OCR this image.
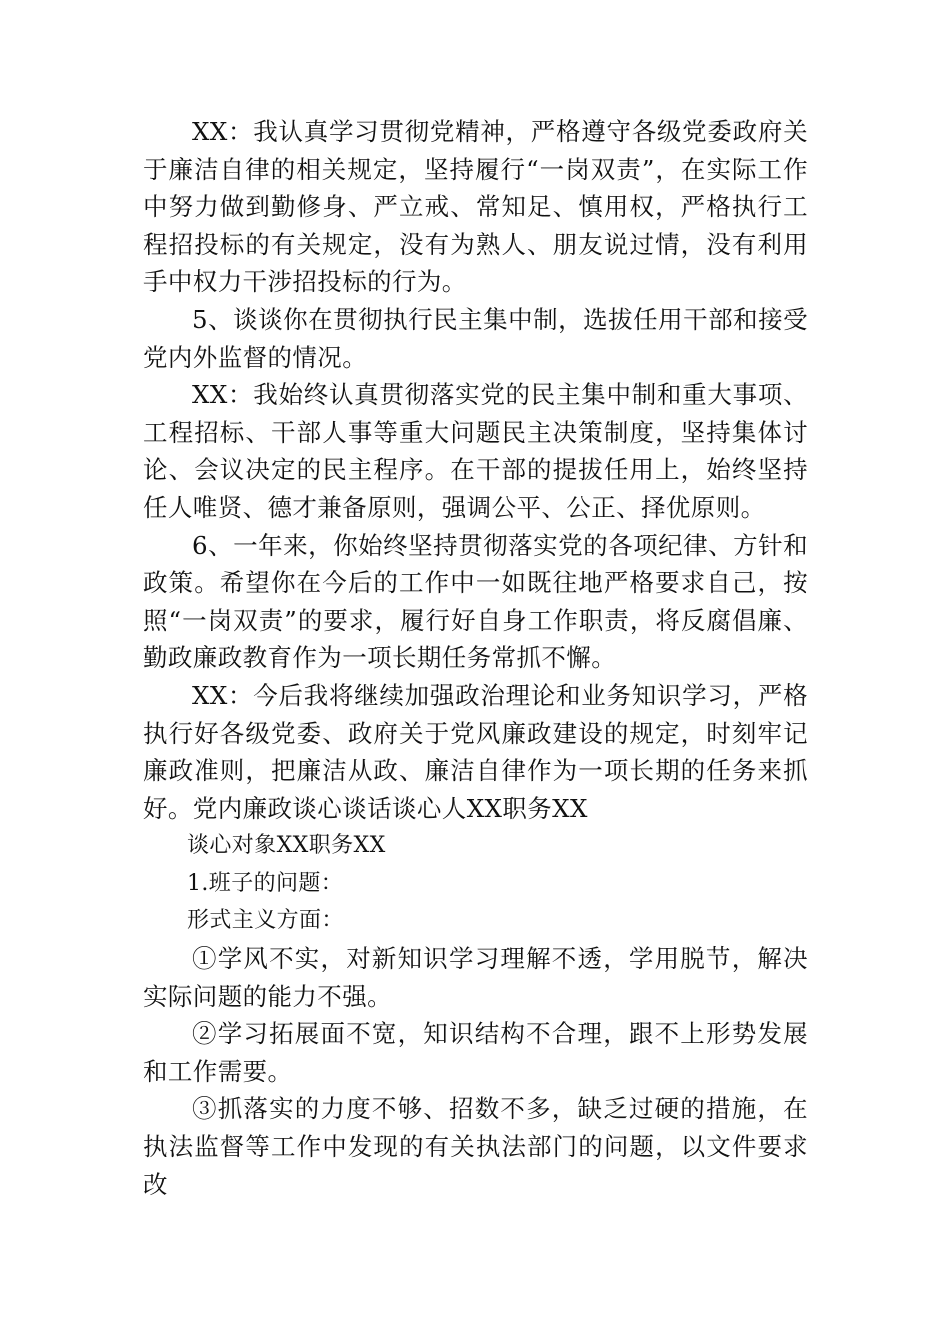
XX：我认真学习贯彻党精神，严格遵守各级党委政府关于廉洁自律的相关规定，坚持履行“一岗双责”，在实际工作中努力做到勤修身、严立戒、常知足、慎用权，严格执行工程招投标的有关规定，没有为熟人、朋友说过情，没有利用手中权力干涉招投标的行为。

5、谈谈你在贯彻执行民主集中制，选拔任用干部和接受党内外监督的情况。

XX：我始终认真贯彻落实党的民主集中制和重大事项、工程招标、干部人事等重大问题民主决策制度，坚持集体讨论、会议决定的民主程序。在干部的提拔任用上，始终坚持任人唯贤、德才兼备原则，强调公平、公正、择优原则。

6、一年来，你始终坚持贯彻落实党的各项纪律、方针和政策。希望你在今后的工作中一如既往地严格要求自己，按照“一岗双责”的要求，履行好自身工作职责，将反腐倡廉、勤政廉政教育作为一项长期任务常抓不懈。

XX：今后我将继续加强政治理论和业务知识学习，严格执行好各级党委、政府关于党风廉政建设的规定，时刻牢记廉政准则，把廉洁从政、廉洁自律作为一项长期的任务来抓好。党内廉政谈心谈话谈心人XX职务XX

谈心对象XX职务XX

1.班子的问题：

形式主义方面：

①学风不实，对新知识学习理解不透，学用脱节，解决实际问题的能力不强。

②学习拓展面不宽，知识结构不合理，跟不上形势发展和工作需要。

③抓落实的力度不够、招数不多，缺乏过硬的措施，在执法监督等工作中发现的有关执法部门的问题，以文件要求改
